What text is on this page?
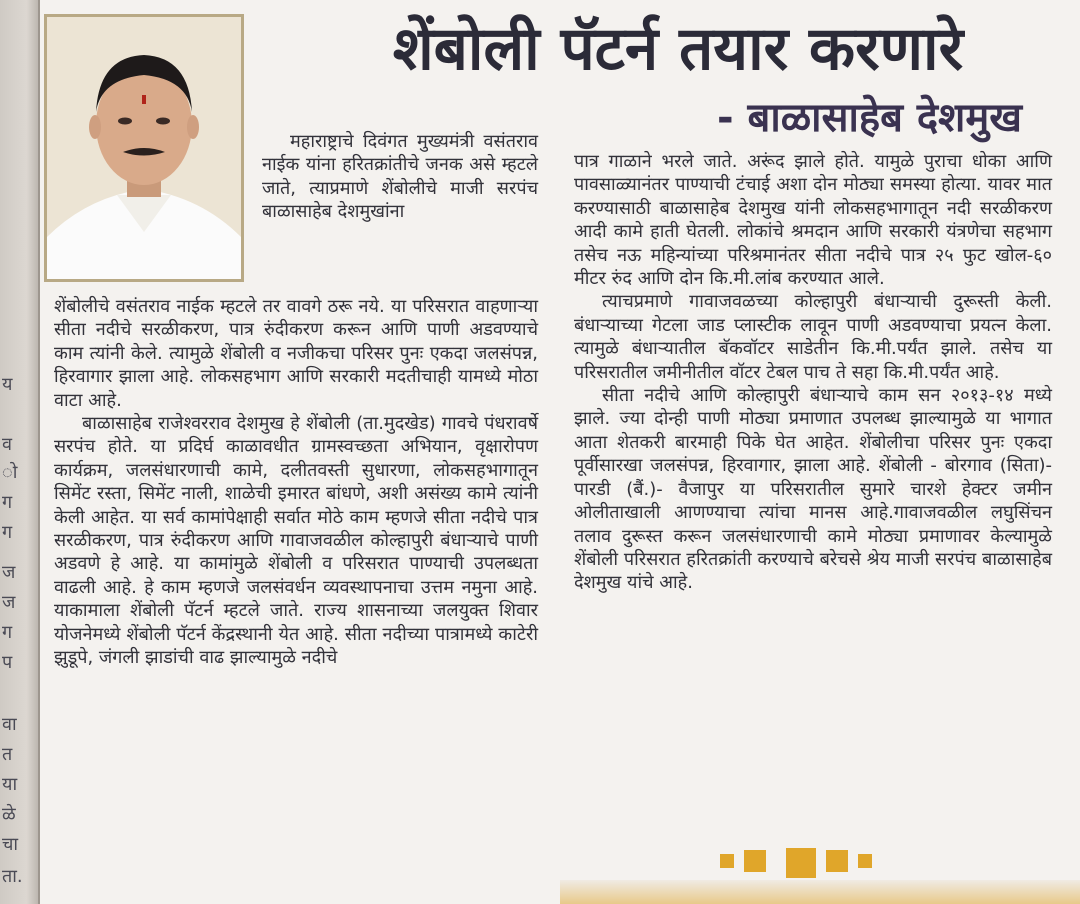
य
व
ो
ग
ग
ज
ज
ग
प
वा
त
या
ळे
चा
ता.
शेंबोली पॅटर्न तयार करणारे
- बाळासाहेब देशमुख

महाराष्ट्राचे दिवंगत मुख्यमंत्री वसंतराव नाईक यांना हरितक्रांतीचे जनक असे म्हटले जाते, त्याप्रमाणे शेंबोलीचे माजी सरपंच बाळासाहेब देशमुखांना

शेंबोलीचे वसंतराव नाईक म्हटले तर वावगे ठरू नये. या परिसरात वाहणाऱ्या सीता नदीचे सरळीकरण, पात्र रुंदीकरण करून आणि पाणी अडवण्याचे काम त्यांनी केले. त्यामुळे शेंबोली व नजीकचा परिसर पुनः एकदा जलसंपन्न, हिरवागार झाला आहे. लोकसहभाग आणि सरकारी मदतीचाही यामध्ये मोठा वाटा आहे.

बाळासाहेब राजेश्वरराव देशमुख हे शेंबोली (ता.मुदखेड) गावचे पंधरावर्षे सरपंच होते. या प्रदिर्घ काळावधीत ग्रामस्वच्छता अभियान, वृक्षारोपण कार्यक्रम, जलसंधारणाची कामे, दलीतवस्ती सुधारणा, लोकसहभागातून सिमेंट रस्ता, सिमेंट नाली, शाळेची इमारत बांधणे, अशी असंख्य कामे त्यांनी केली आहेत. या सर्व कामांपेक्षाही सर्वात मोठे काम म्हणजे सीता नदीचे पात्र सरळीकरण, पात्र रुंदीकरण आणि गावाजवळील कोल्हापुरी बंधाऱ्याचे पाणी अडवणे हे आहे. या कामांमुळे शेंबोली व परिसरात पाण्याची उपलब्धता वाढली आहे. हे काम म्हणजे जलसंवर्धन व्यवस्थापनाचा उत्तम नमुना आहे. याकामाला शेंबोली पॅटर्न म्हटले जाते. राज्य शासनाच्या जलयुक्त शिवार योजनेमध्ये शेंबोली पॅटर्न केंद्रस्थानी येत आहे. सीता नदीच्या पात्रामध्ये काटेरी झुडूपे, जंगली झाडांची वाढ झाल्यामुळे नदीचे

पात्र गाळाने भरले जाते. अरूंद झाले होते. यामुळे पुराचा धोका आणि पावसाळ्यानंतर पाण्याची टंचाई अशा दोन मोठ्या समस्या होत्या. यावर मात करण्यासाठी बाळासाहेब देशमुख यांनी लोकसहभागातून नदी सरळीकरण आदी कामे हाती घेतली. लोकांचे श्रमदान आणि सरकारी यंत्रणेचा सहभाग तसेच नऊ महिन्यांच्या परिश्रमानंतर सीता नदीचे पात्र २५ फुट खोल-६० मीटर रुंद आणि दोन कि.मी.लांब करण्यात आले.

त्याचप्रमाणे गावाजवळच्या कोल्हापुरी बंधाऱ्याची दुरूस्ती केली. बंधाऱ्याच्या गेटला जाड प्लास्टीक लावून पाणी अडवण्याचा प्रयत्न केला. त्यामुळे बंधाऱ्यातील बॅकवॉटर साडेतीन कि.मी.पर्यंत झाले. तसेच या परिसरातील जमीनीतील वॉटर टेबल पाच ते सहा कि.मी.पर्यंत आहे.

सीता नदीचे आणि कोल्हापुरी बंधाऱ्याचे काम सन २०१३-१४ मध्ये झाले. ज्या दोन्ही पाणी मोठ्या प्रमाणात उपलब्ध झाल्यामुळे या भागात आता शेतकरी बारमाही पिके घेत आहेत. शेंबोलीचा परिसर पुनः एकदा पूर्वीसारखा जलसंपन्न, हिरवागार, झाला आहे. शेंबोली - बोरगाव (सिता)- पारडी (बैं.)- वैजापुर या परिसरातील सुमारे चारशे हेक्टर जमीन ओलीताखाली आणण्याचा त्यांचा मानस आहे.गावाजवळील लघुसिंचन तलाव दुरूस्त करून जलसंधारणाची कामे मोठ्या प्रमाणावर केल्यामुळे शेंबोली परिसरात हरितक्रांती करण्याचे बरेचसे श्रेय माजी सरपंच बाळासाहेब देशमुख यांचे आहे.
